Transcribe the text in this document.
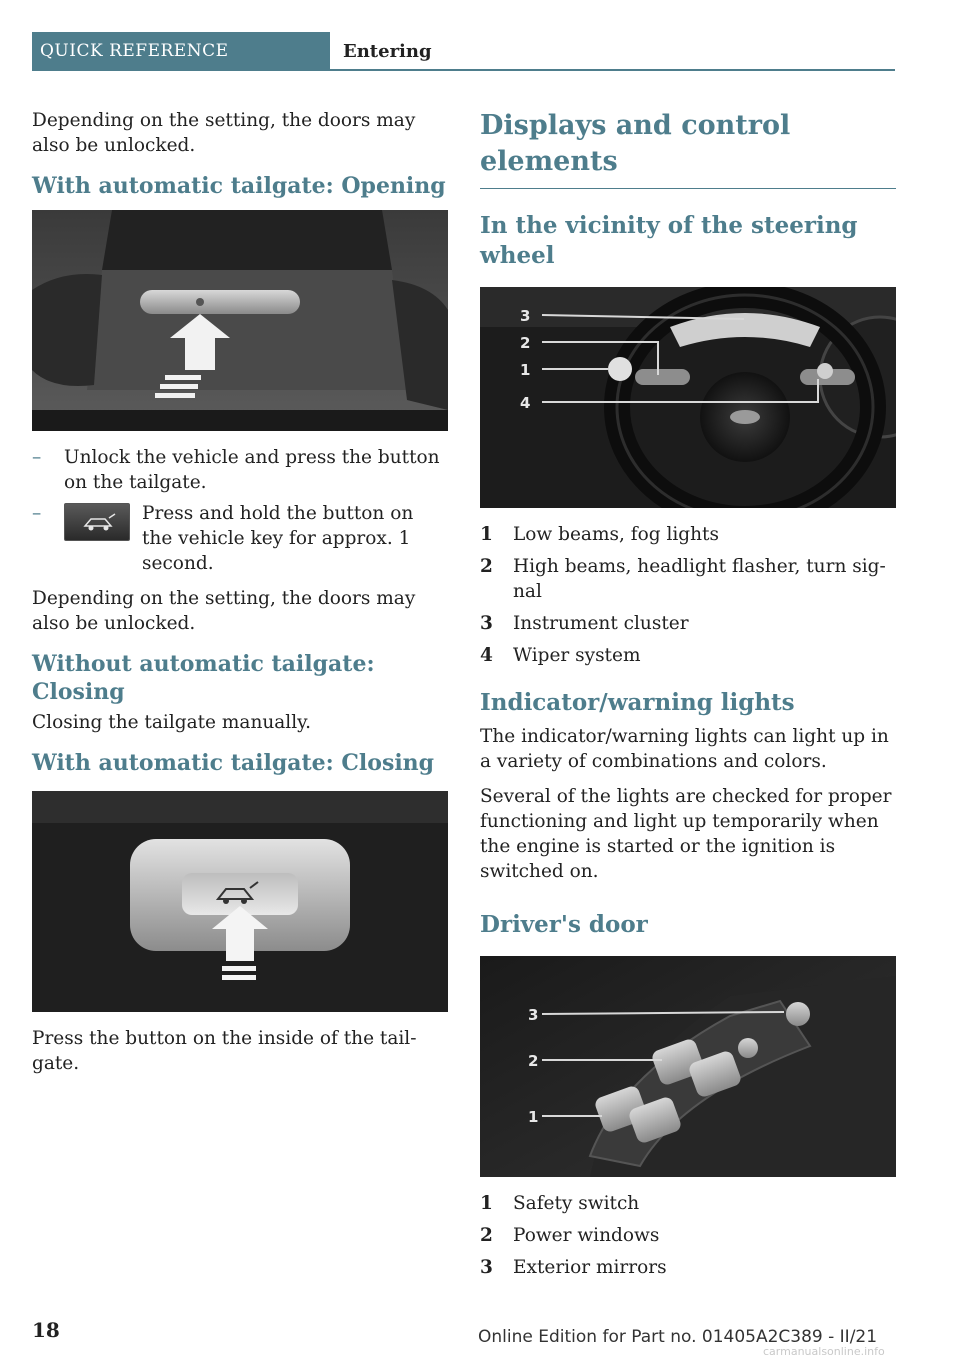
QUICK REFERENCE	Entering

Depending on the setting, the doors may also be unlocked.

With automatic tailgate: Opening
– Unlock the vehicle and press the button on the tailgate.
–	Press and hold the button on the vehicle key for approx. 1 second.

Depending on the setting, the doors may also be unlocked.

Without automatic tailgate: Closing

Closing the tailgate manually.

With automatic tailgate: Closing

Press the button on the inside of the tail‐gate.

Displays and control elements
In the vicinity of the steering wheel
3
2
1
4
1 Low beams, fog lights
2 High beams, headlight flasher, turn sig‐nal
3 Instrument cluster
4 Wiper system
Indicator/warning lights

The indicator/warning lights can light up in a variety of combinations and colors.

Several of the lights are checked for proper functioning and light up temporarily when the engine is started or the ignition is switched on.

Driver's door
3
2
1
1 Safety switch
2 Power windows
3 Exterior mirrors
18	Online Edition for Part no. 01405A2C389 - II/21
carmanualsonline.info
